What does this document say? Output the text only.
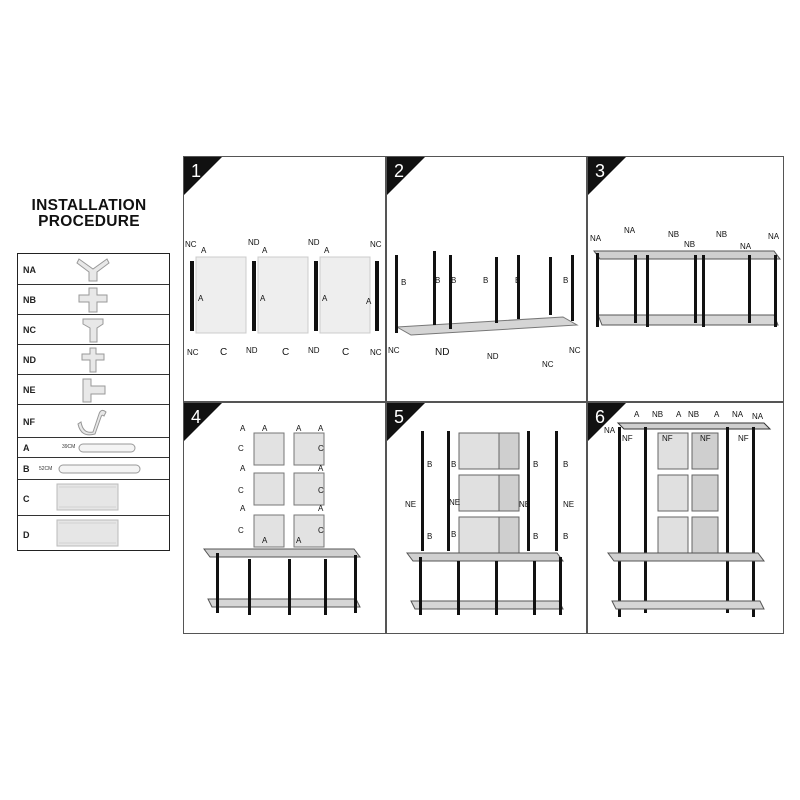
INSTALLATION
PROCEDURE
NA
NB
NC
ND
NE
NF
A	39CM
B 52CM
C
D
1
NC
A
ND
A
ND
A
NC
A	A	A	A
NC C ND C ND C	NC
2
B	B B	B	B	B
NC	ND	ND
NC
NC
3
NA
NA	NB
NB
NB
NA
NA
4
A A	A A
C	C
C	C
C	C
A	A
A	A
A	A
5
B B	B	B
NE	NE	NE	NE
B B	B	B
6	A NB A NB A NA NA
NA
NF	NF	NF	NF
